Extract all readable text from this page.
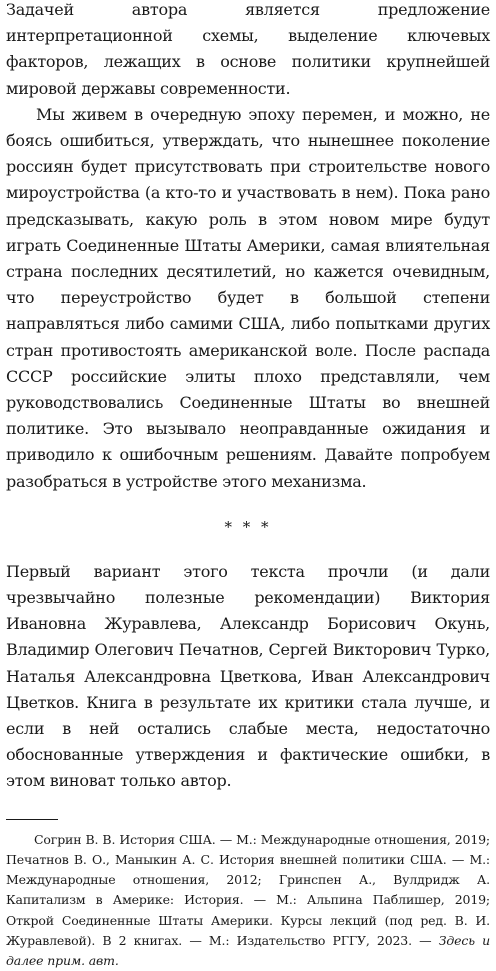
Задачей автора является предложение интерпретационной схемы, выделение ключевых факторов, лежащих в основе политики крупнейшей мировой державы современности.

Мы живем в очередную эпоху перемен, и можно, не боясь ошибиться, утверждать, что нынешнее поколение россиян будет присутствовать при строительстве нового мироустройства (а кто-то и участвовать в нем). Пока рано предсказывать, какую роль в этом новом мире будут играть Соединенные Штаты Америки, самая влиятельная страна последних десятилетий, но кажется очевидным, что переустройство будет в большой степени направляться либо самими США, либо попытками других стран противостоять американской воле. После распада СССР российские элиты плохо представляли, чем руководствовались Соединенные Штаты во внешней политике. Это вызывало неоправданные ожидания и приводило к ошибочным решениям. Давайте попробуем разобраться в устройстве этого механизма.

* * *

Первый вариант этого текста прочли (и дали чрезвычайно полезные рекомендации) Виктория Ивановна Журавлева, Александр Борисович Окунь, Владимир Олегович Печатнов, Сергей Викторович Турко, Наталья Александровна Цветкова, Иван Александрович Цветков. Книга в результате их критики стала лучше, и если в ней остались слабые места, недостаточно обоснованные утверждения и фактические ошибки, в этом виноват только автор.

Согрин В. В. История США. — М.: Международные отношения, 2019; Печатнов В. О., Маныкин А. С. История внешней политики США. — М.: Международные отношения, 2012; Гринспен А., Вулдридж А. Капитализм в Америке: История. — М.: Альпина Паблишер, 2019; Открой Соединенные Штаты Америки. Курсы лекций (под ред. В. И. Журавлевой). В 2 книгах. — М.: Издательство РГГУ, 2023. — Здесь и далее прим. авт.
